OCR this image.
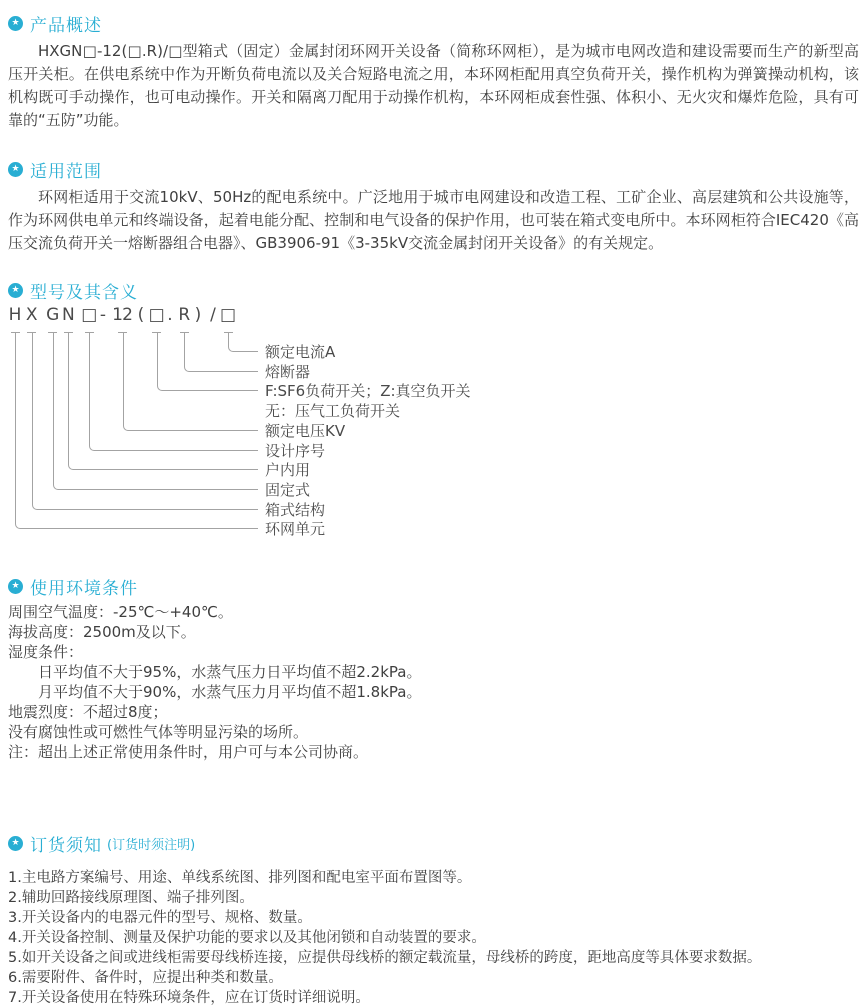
★ 产品概述

HXGN□-12(□.R)/□型箱式（固定）金属封闭环网开关设备（简称环网柜），是为城市电网改造和建设需要而生产的新型高压开关柜。在供电系统中作为开断负荷电流以及关合短路电流之用，本环网柜配用真空负荷开关，操作机构为弹簧操动机构，该机构既可手动操作，也可电动操作。开关和隔离刀配用于动操作机构，本环网柜成套性强、体积小、无火灾和爆炸危险，具有可靠的“五防”功能。

★ 适用范围

环网柜适用于交流10kV、50Hz的配电系统中。广泛地用于城市电网建设和改造工程、工矿企业、高层建筑和公共设施等，作为环网供电单元和终端设备，起着电能分配、控制和电气设备的保护作用，也可装在箱式变电所中。本环网柜符合IEC420《高压交流负荷开关一熔断器组合电器》、GB3906-91《3-35kV交流金属封闭开关设备》的有关规定。

★ 型号及其含义
H X G N □ - 1 2 ( □ . R ) / □
额定电流A
熔断器
F:SF6负荷开关；Z:真空负开关
无：压气工负荷开关
额定电压KV
设计序号
户内用
固定式
箱式结构
环网单元
★ 使用环境条件
周围空气温度：-25℃～+40℃。
海拔高度：2500m及以下。
湿度条件：
日平均值不大于95%，水蒸气压力日平均值不超2.2kPa。
月平均值不大于90%，水蒸气压力月平均值不超1.8kPa。
地震烈度：不超过8度；
没有腐蚀性或可燃性气体等明显污染的场所。
注：超出上述正常使用条件时，用户可与本公司协商。
★ 订货须知 (订货时须注明)
1.主电路方案编号、用途、单线系统图、排列图和配电室平面布置图等。
2.辅助回路接线原理图、端子排列图。
3.开关设备内的电器元件的型号、规格、数量。
4.开关设备控制、测量及保护功能的要求以及其他闭锁和自动装置的要求。
5.如开关设备之间或进线柜需要母线桥连接，应提供母线桥的额定载流量，母线桥的跨度，距地高度等具体要求数据。
6.需要附件、备件时，应提出种类和数量。
7.开关设备使用在特殊环境条件，应在订货时详细说明。
